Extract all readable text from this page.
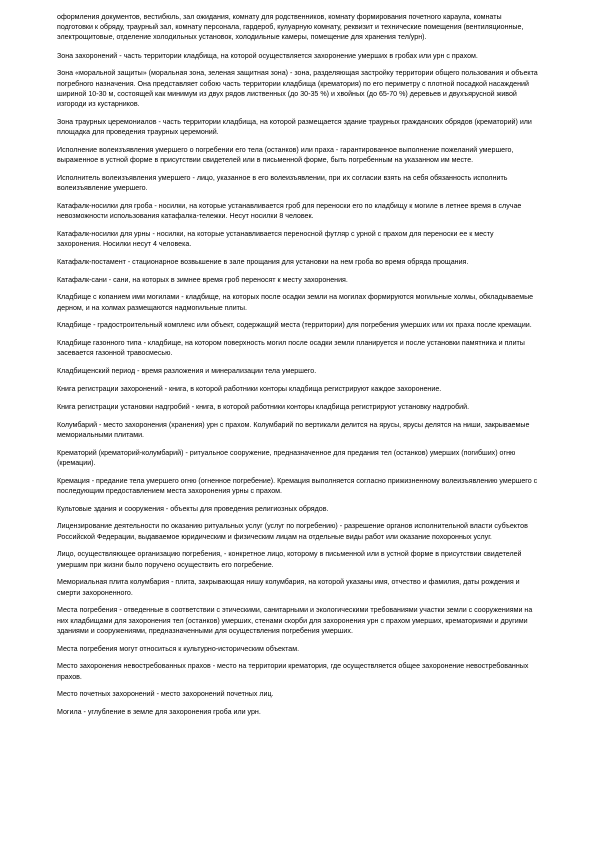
оформления документов, вестибюль, зал ожидания, комнату для родственников, комнату формирования почетного караула, комнаты подготовки к обряду, траурный зал, комнату персонала, гардероб, кулуарную комнату, реквизит и технические помещения (вентиляционные, электрощитовые, отделение холодильных установок, холодильные камеры, помещение для хранения тел/урн).

Зона захоронений - часть территории кладбища, на которой осуществляется захоронение умерших в гробах или урн с прахом.

Зона «моральной защиты» (моральная зона, зеленая защитная зона) - зона, разделяющая застройку территории общего пользования и объекта погребного назначения. Она представляет собою часть территории кладбища (крематория) по его периметру с плотной посадкой насаждений шириной 10-30 м, состоящей как минимум из двух рядов лиственных (до 30-35 %) и хвойных (до 65-70 %) деревьев и двухъярусной живой изгороди из кустарников.

Зона траурных церемониалов - часть территории кладбища, на которой размещается здание траурных гражданских обрядов (крематорий) или площадка для проведения траурных церемоний.

Исполнение волеизъявления умершего о погребении его тела (останков) или праха - гарантированное выполнение пожеланий умершего, выраженное в устной форме в присутствии свидетелей или в письменной форме, быть погребенным на указанном им месте.

Исполнитель волеизъявления умершего - лицо, указанное в его волеизъявлении, при их согласии взять на себя обязанность исполнить волеизъявление умершего.

Катафалк-носилки для гроба - носилки, на которые устанавливается гроб для переноски его по кладбищу к могиле в летнее время в случае невозможности использования катафалка-тележки. Несут носилки 8 человек.

Катафалк-носилки для урны - носилки, на которые устанавливается переносной футляр с урной с прахом для переноски ее к месту захоронения. Носилки несут 4 человека.

Катафалк-постамент - стационарное возвышение в зале прощания для установки на нем гроба во время обряда прощания.

Катафалк-сани - сани, на которых в зимнее время гроб переносят к месту захоронения.

Кладбище с копанием ими могилами - кладбище, на которых после осадки земли на могилах формируются могильные холмы, обкладываемые дерном, и на холмах размещаются надмогильные плиты.

Кладбище - градостроительный комплекс или объект, содержащий места (территории) для погребения умерших или их праха после кремации.

Кладбище газонного типа - кладбище, на котором поверхность могил после осадки земли планируется и после установки памятника и плиты засевается газонной травосмесью.

Кладбищенский период - время разложения и минерализации тела умершего.

Книга регистрации захоронений - книга, в которой работники конторы кладбища регистрируют каждое захоронение.

Книга регистрации установки надгробий - книга, в которой работники конторы кладбища регистрируют установку надгробий.

Колумбарий - место захоронения (хранения) урн с прахом. Колумбарий по вертикали делится на ярусы, ярусы делятся на ниши, закрываемые мемориальными плитами.

Крематорий (крематорий-колумбарий) - ритуальное сооружение, предназначенное для предания тел (останков) умерших (погибших) огню (кремации).

Кремация - предание тела умершего огню (огненное погребение). Кремация выполняется согласно прижизненному волеизъявлению умершего с последующим предоставлением места захоронения урны с прахом.

Культовые здания и сооружения - объекты для проведения религиозных обрядов.

Лицензирование деятельности по оказанию ритуальных услуг (услуг по погребению) - разрешение органов исполнительной власти субъектов Российской Федерации, выдаваемое юридическим и физическим лицам на отдельные виды работ или оказание похоронных услуг.

Лицо, осуществляющее организацию погребения, - конкретное лицо, которому в письменной или в устной форме в присутствии свидетелей умершим при жизни было поручено осуществить его погребение.

Мемориальная плита колумбария - плита, закрывающая нишу колумбария, на которой указаны имя, отчество и фамилия, даты рождения и смерти захороненного.

Места погребения - отведенные в соответствии с этическими, санитарными и экологическими требованиями участки земли с сооружениями на них кладбищами для захоронения тел (останков) умерших, стенами скорби для захоронения урн с прахом умерших, крематориями и другими зданиями и сооружениями, предназначенными для осуществления погребения умерших.

Места погребения могут относиться к культурно-историческим объектам.

Место захоронения невостребованных прахов - место на территории крематория, где осуществляется общее захоронение невостребованных прахов.

Место почетных захоронений - место захоронений почетных лиц.

Могила - углубление в земле для захоронения гроба или урн.
